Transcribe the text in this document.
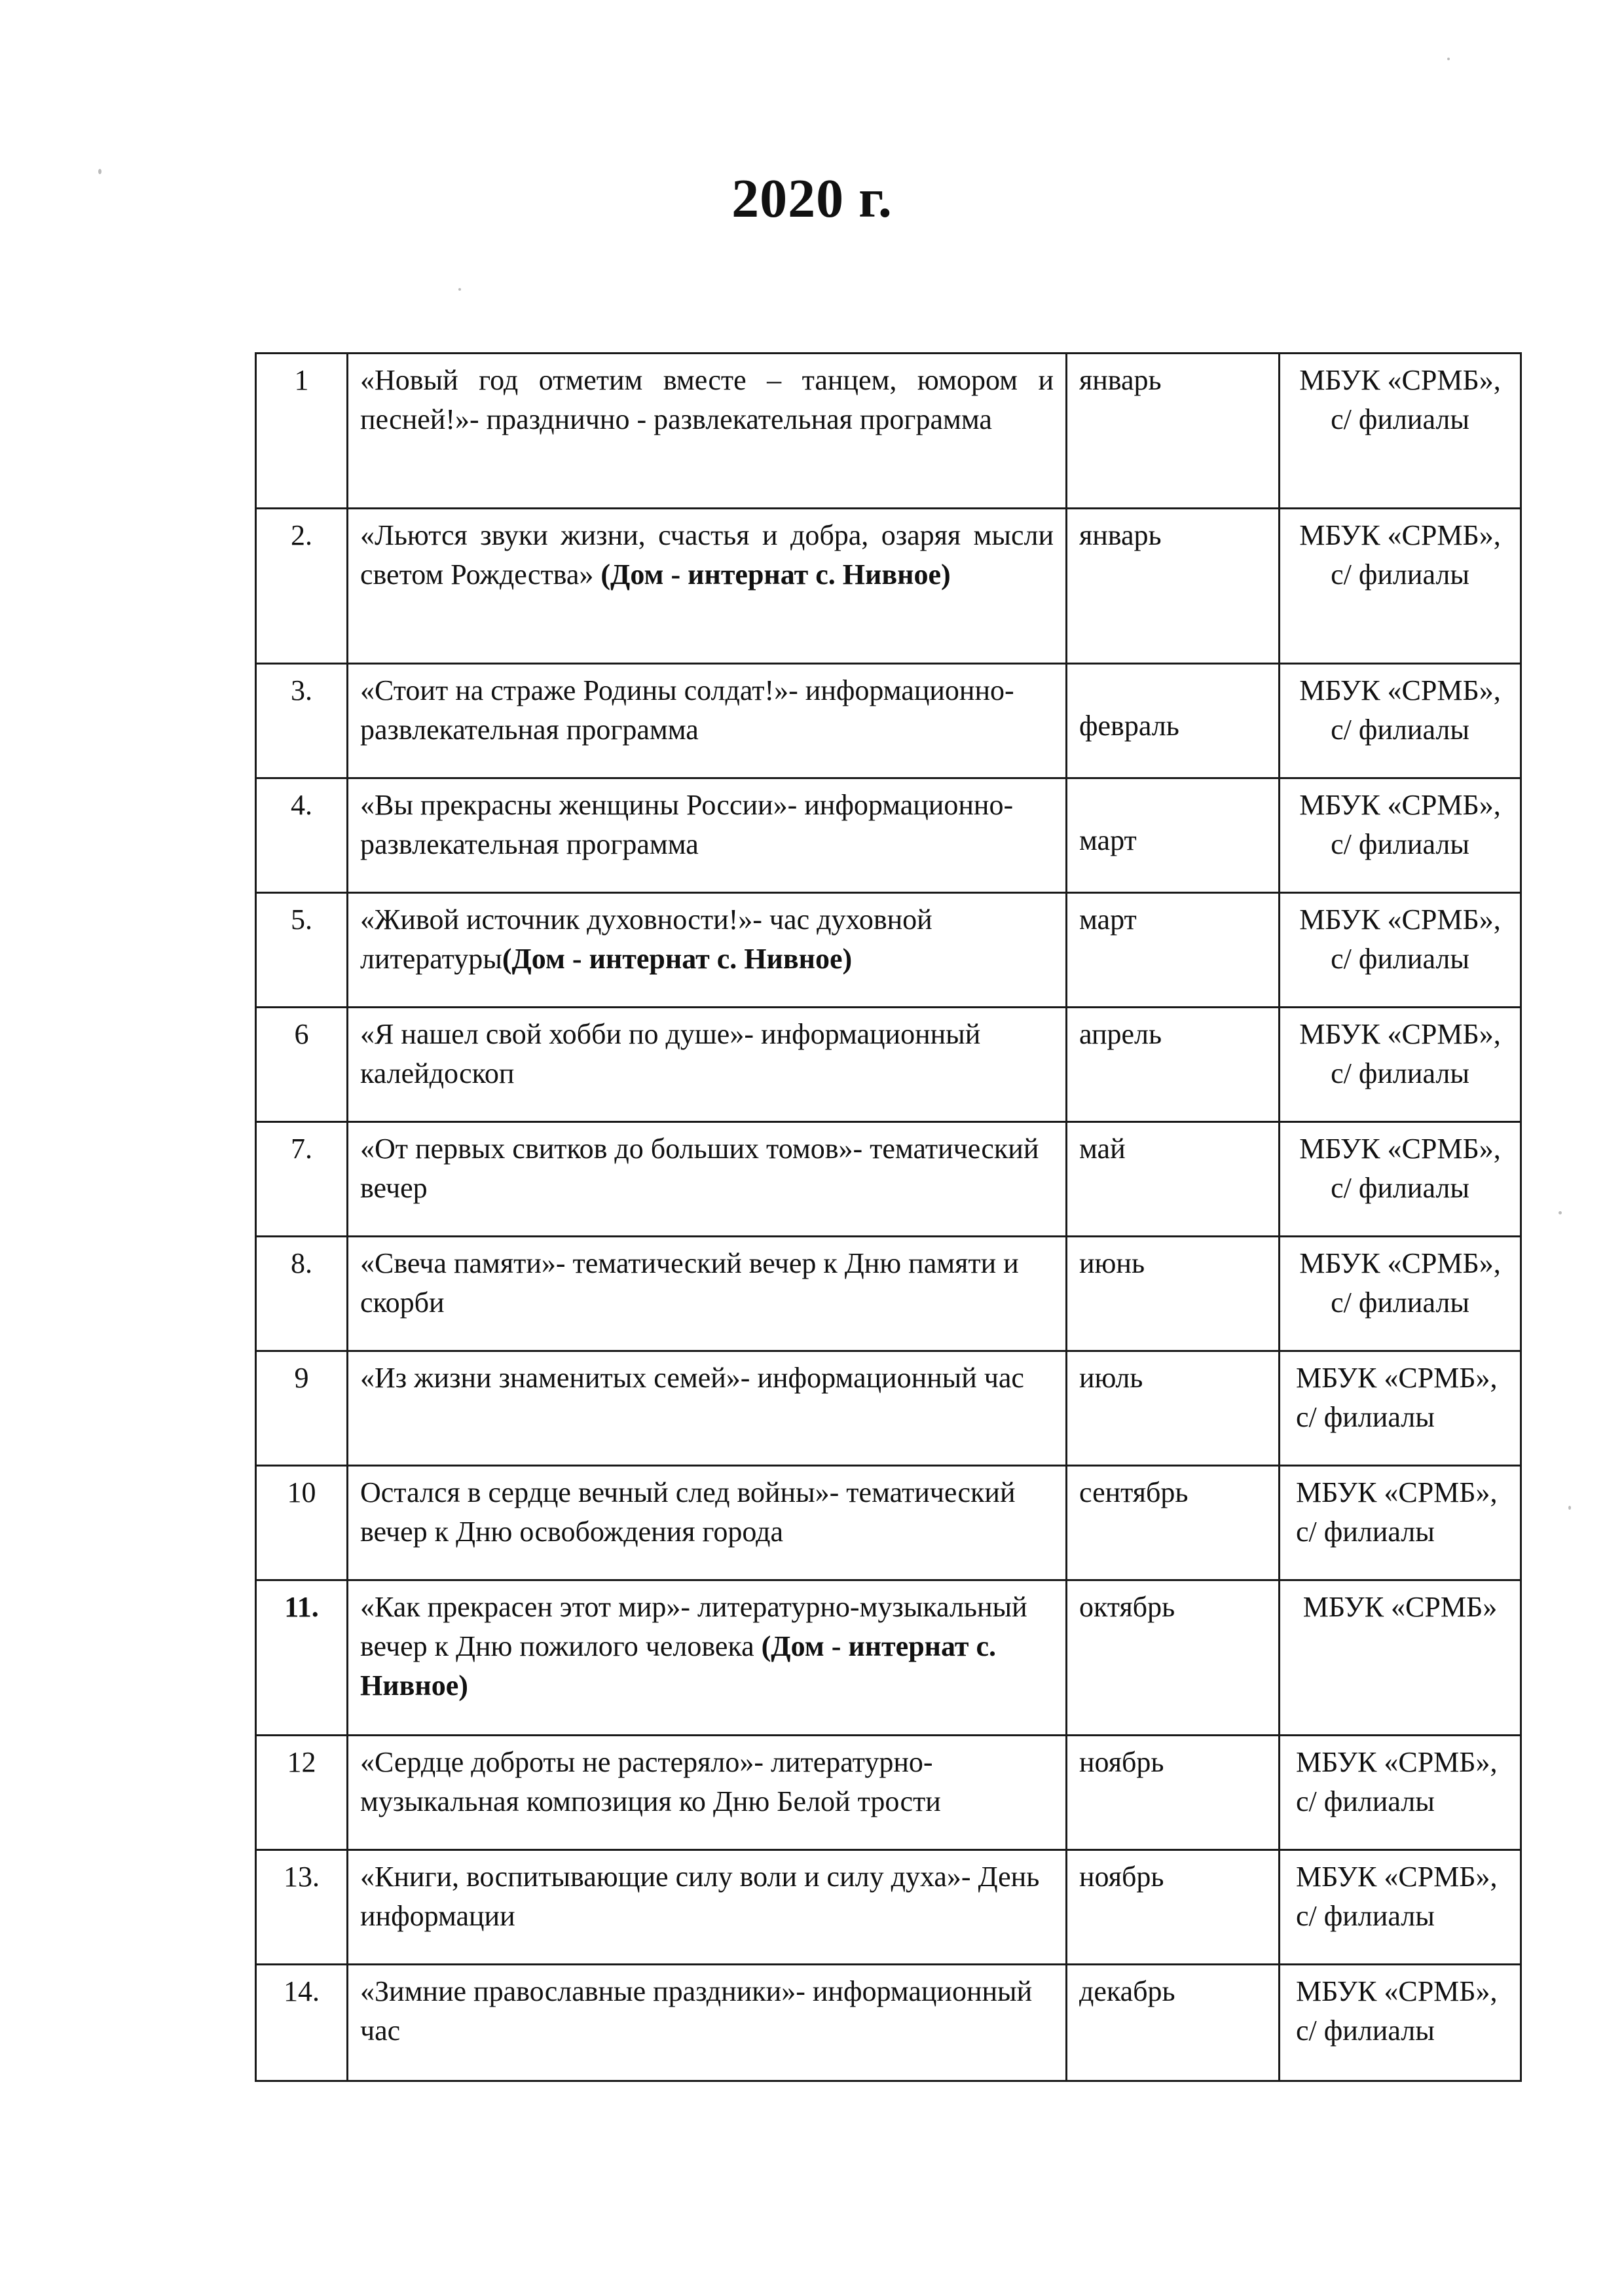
2020 г.
1	«Новый год отметим вместе – танцем, юмором и песней!»- празднично - развлекательная программа	январь	МБУК «СРМБ»,
с/ филиалы

2.	«Льются звуки жизни, счастья и добра, озаряя мысли светом Рождества» (Дом - интернат с. Нивное)	январь	МБУК «СРМБ»,
с/ филиалы

3.	«Стоит на страже Родины солдат!»- информационно-развлекательная программа	февраль	МБУК «СРМБ»,
с/ филиалы

4.	«Вы прекрасны женщины России»- информационно- развлекательная программа	март	МБУК «СРМБ»,
с/ филиалы

5.	«Живой источник духовности!»- час духовной литературы(Дом - интернат с. Нивное)	март	МБУК «СРМБ»,
с/ филиалы

6	«Я нашел свой хобби по душе»- информационный калейдоскоп	апрель	МБУК «СРМБ»,
с/ филиалы

7.	«От первых свитков до больших томов»- тематический вечер	май	МБУК «СРМБ»,
с/ филиалы

8.	«Свеча памяти»- тематический вечер к Дню памяти и скорби	июнь	МБУК «СРМБ»,
с/ филиалы

9	«Из жизни знаменитых семей»- информационный час	июль	МБУК «СРМБ»,
с/ филиалы

10	Остался в сердце вечный след войны»- тематический вечер к Дню освобождения города	сентябрь	МБУК «СРМБ»,
с/ филиалы

11.	«Как прекрасен этот мир»- литературно-музыкальный вечер к Дню пожилого человека (Дом - интернат с. Нивное)	октябрь	МБУК «СРМБ»

12	«Сердце доброты не растеряло»- литературно-музыкальная композиция ко Дню Белой трости	ноябрь	МБУК «СРМБ»,
с/ филиалы

13.	«Книги, воспитывающие силу воли и силу духа»- День информации	ноябрь	МБУК «СРМБ»,
с/ филиалы

14.	«Зимние православные праздники»- информационный час	декабрь	МБУК «СРМБ»,
с/ филиалы
